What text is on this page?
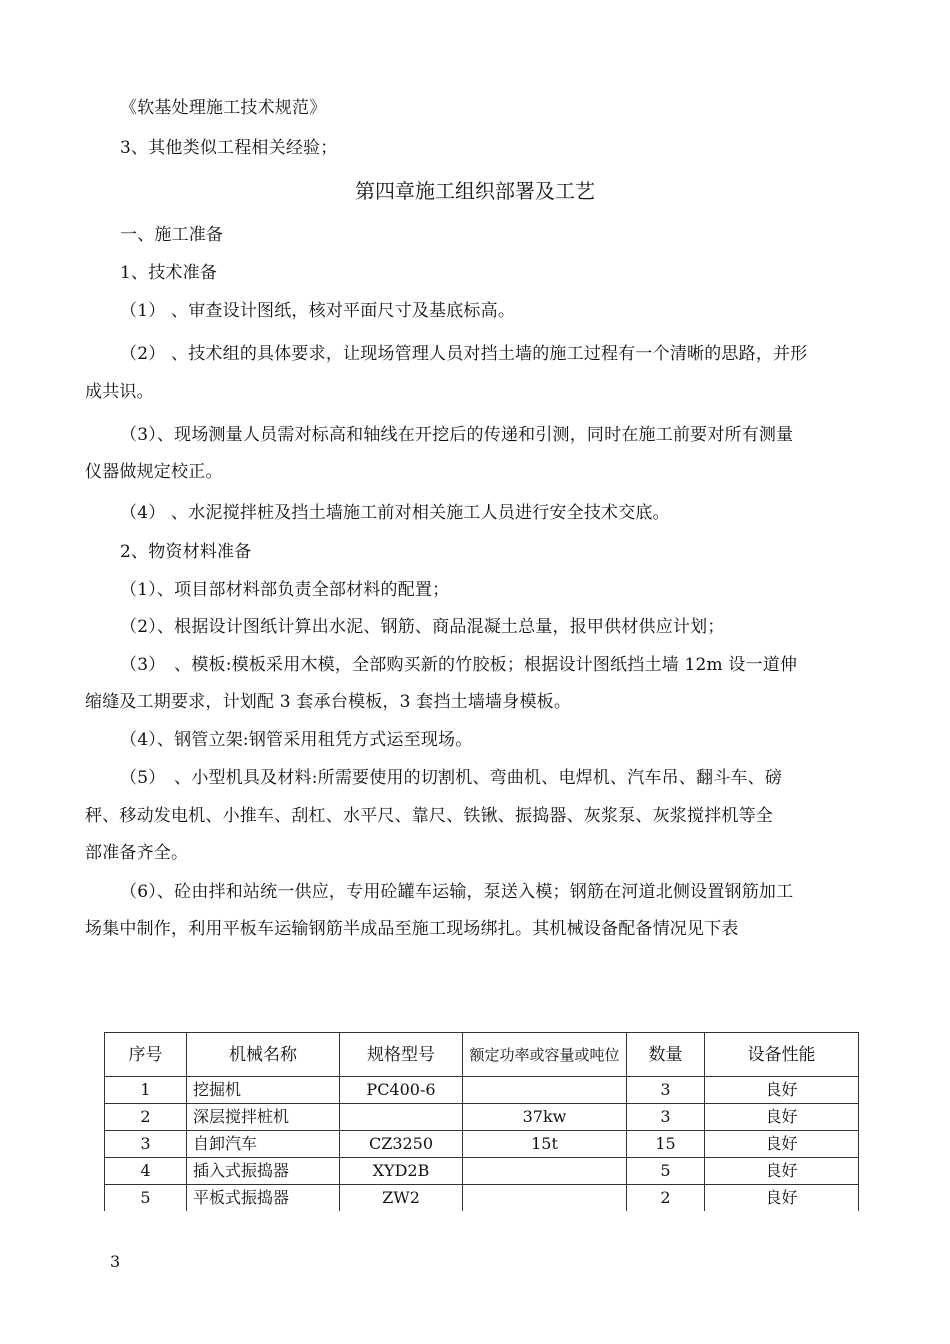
《软基处理施工技术规范》
3、其他类似工程相关经验；
第四章施工组织部署及工艺
一、施工准备
1、技术准备
（1） 、审查设计图纸，核对平面尺寸及基底标高。
（2） 、技术组的具体要求，让现场管理人员对挡土墙的施工过程有一个清晰的思路，并形
成共识。
（3）、现场测量人员需对标高和轴线在开挖后的传递和引测，同时在施工前要对所有测量
仪器做规定校正。
（4） 、水泥搅拌桩及挡土墙施工前对相关施工人员进行安全技术交底。
2、物资材料准备
（1）、项目部材料部负责全部材料的配置；
（2）、根据设计图纸计算出水泥、钢筋、商品混凝土总量，报甲供材供应计划；
（3）　、模板:模板采用木模，全部购买新的竹胶板；根据设计图纸挡土墙 12m 设一道伸
缩缝及工期要求，计划配 3 套承台模板，3 套挡土墙墙身模板。
（4）、钢管立架:钢管采用租凭方式运至现场。
（5）　、小型机具及材料:所需要使用的切割机、弯曲机、电焊机、汽车吊、翻斗车、磅
秤、移动发电机、小推车、刮杠、水平尺、靠尺、铁锹、振捣器、灰浆泵、灰浆搅拌机等全
部准备齐全。
（6）、砼由拌和站统一供应，专用砼罐车运输，泵送入模；钢筋在河道北侧设置钢筋加工
场集中制作，利用平板车运输钢筋半成品至施工现场绑扎。其机械设备配备情况见下表
序号	机械名称	规格型号	额定功率或容量或吨位	数量	设备性能
1	挖掘机	PC400-6		3	良好
2	深层搅拌桩机		37kw	3	良好
3	自卸汽车	CZ3250	15t	15	良好
4	插入式振捣器	XYD2B		5	良好
5	平板式振捣器	ZW2		2	良好
3
